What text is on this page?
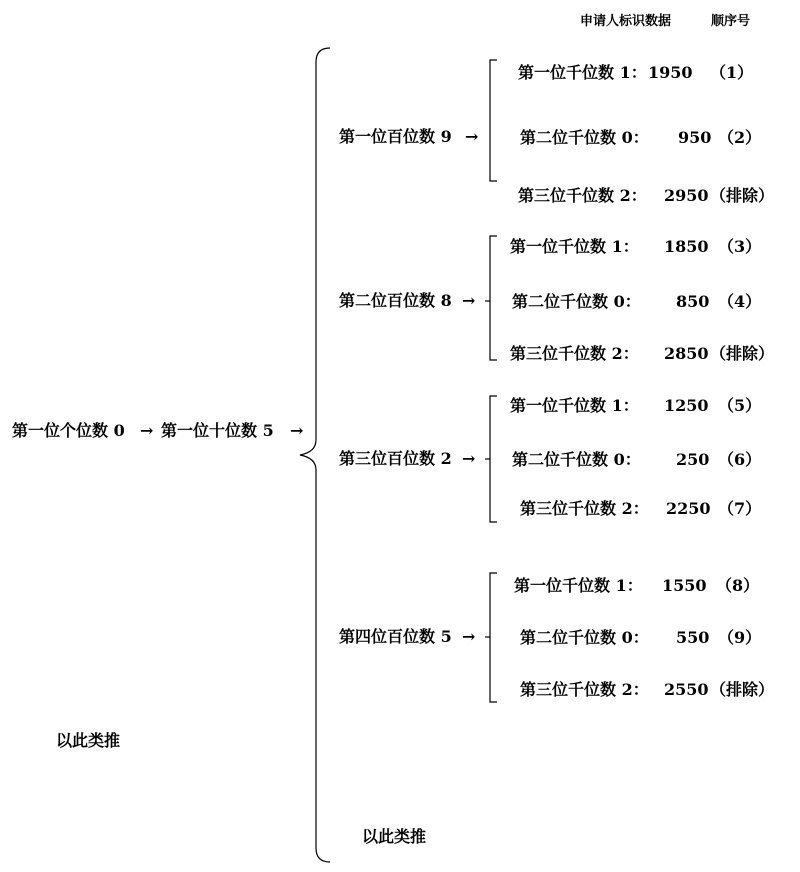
申请人标识数据	顺序号
第一位个位数 0 → 第一位十位数 5 →
第一位百位数 9 →
第一位千位数 1： 1950 （1）
第二位千位数 0： 950 （2）
第三位千位数 2： 2950 （排除）
第二位百位数 8 →
第一位千位数 1： 1850 （3）
第二位千位数 0： 850 （4）
第三位千位数 2： 2850 （排除）
第三位百位数 2 →
第一位千位数 1： 1250 （5）
第二位千位数 0： 250 （6）
第三位千位数 2： 2250 （7）
第四位百位数 5 →
第一位千位数 1： 1550 （8）
第二位千位数 0： 550 （9）
第三位千位数 2： 2550 （排除）
以此类推
以此类推
